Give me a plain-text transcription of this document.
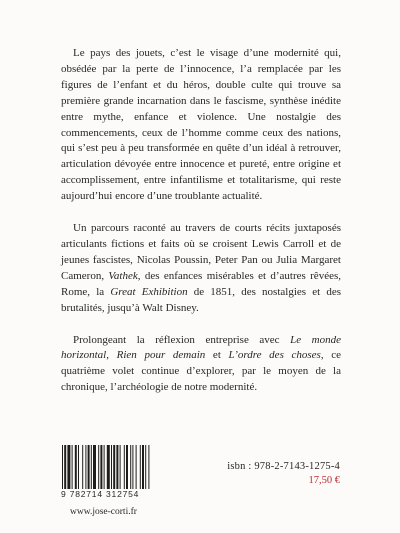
Le pays des jouets, c’est le visage d’une modernité qui, obsédée par la perte de l’innocence, l’a remplacée par les figures de l’enfant et du héros, double culte qui trouve sa première grande incarnation dans le fascisme, synthèse inédite entre mythe, enfance et violence. Une nostalgie des commencements, ceux de l’homme comme ceux des nations, qui s’est peu à peu transformée en quête d’un idéal à retrouver, articulation dévoyée entre innocence et pureté, entre origine et accomplissement, entre infantilisme et totalitarisme, qui reste aujourd’hui encore d’une troublante actualité.

Un parcours raconté au travers de courts récits juxtaposés articulants fictions et faits où se croisent Lewis Carroll et de jeunes fascistes, Nicolas Poussin, Peter Pan ou Julia Margaret Cameron, Vathek, des enfances misérables et d’autres rêvées, Rome, la Great Exhibition de 1851, des nostalgies et des brutalités, jusqu’à Walt Disney.

Prolongeant la réflexion entreprise avec Le monde horizontal, Rien pour demain et L’ordre des choses, ce quatrième volet continue d’explorer, par le moyen de la chronique, l’archéologie de notre modernité.

9 782714 312754
www.jose-corti.fr
isbn : 978-2-7143-1275-4
17,50 €
